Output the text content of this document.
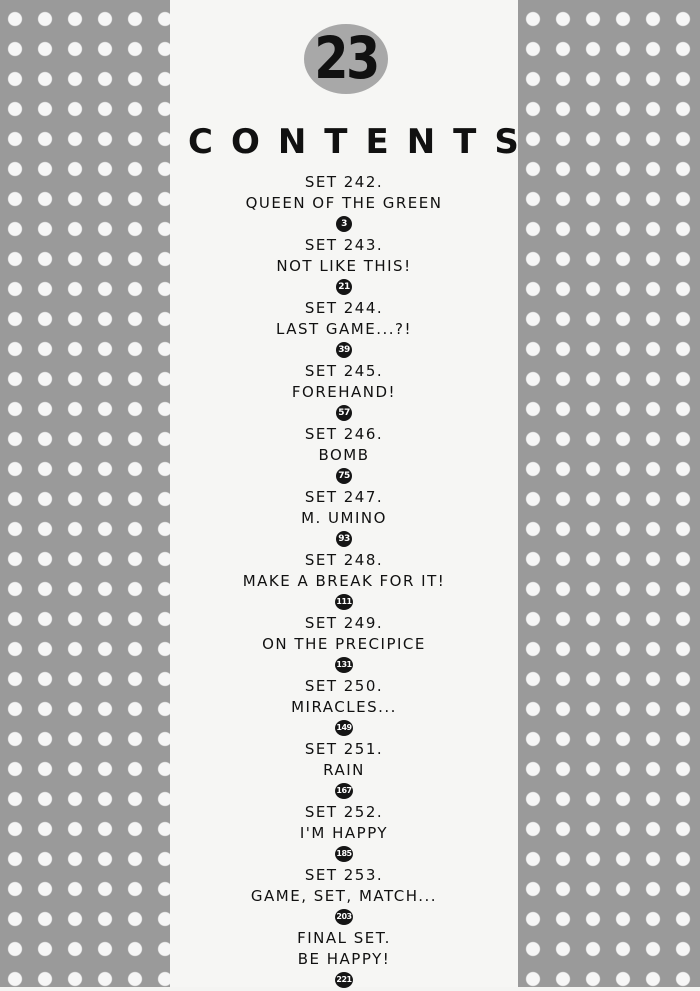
23
CONTENTS
SET 242.
QUEEN OF THE GREEN
3
SET 243.
NOT LIKE THIS!
21
SET 244.
LAST GAME...?!
39
SET 245.
FOREHAND!
57
SET 246.
BOMB
75
SET 247.
M. UMINO
93
SET 248.
MAKE A BREAK FOR IT!
111
SET 249.
ON THE PRECIPICE
131
SET 250.
MIRACLES...
149
SET 251.
RAIN
167
SET 252.
I'M HAPPY
185
SET 253.
GAME, SET, MATCH...
203
FINAL SET.
BE HAPPY!
221
